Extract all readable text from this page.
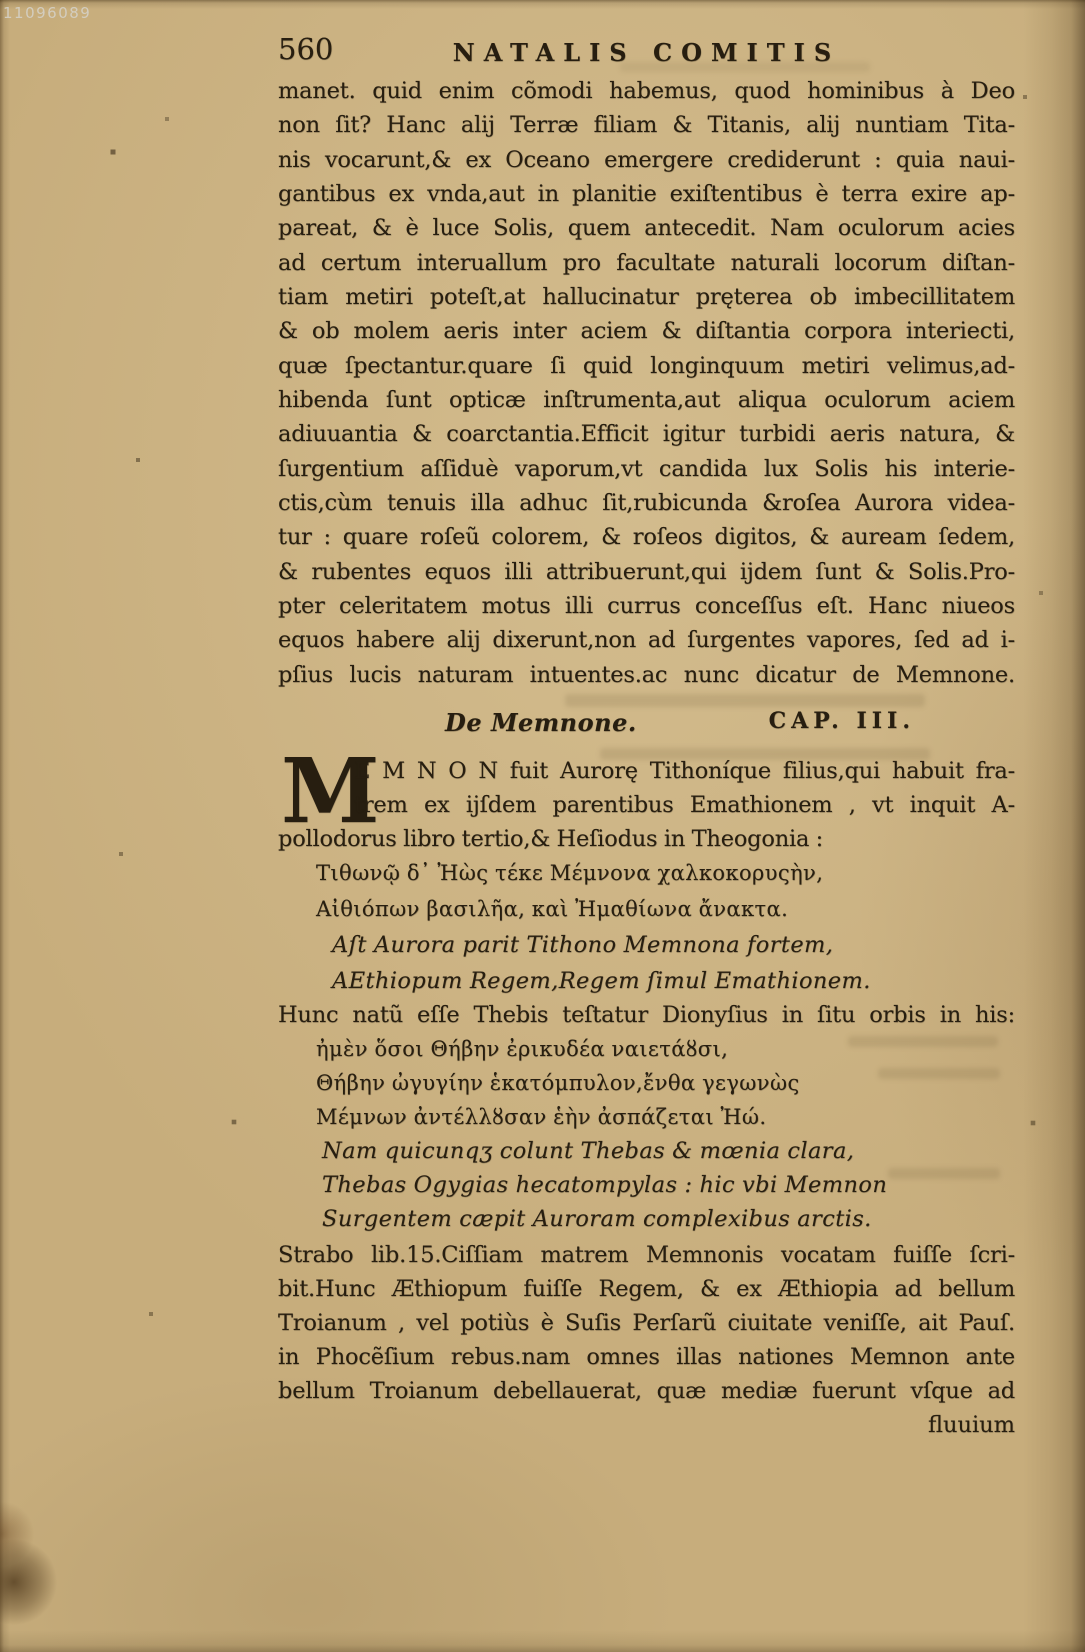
11096089
560	NATALIS COMITIS
manet. quid enim cõmodi habemus, quod hominibus à Deo
non ſit? Hanc alij Terræ filiam & Titanis, alij nuntiam Tita-
nis vocarunt,& ex Oceano emergere crediderunt : quia naui-
gantibus ex vnda,aut in planitie exiſtentibus è terra exire ap-
pareat, & è luce Solis, quem antecedit. Nam oculorum acies
ad certum interuallum pro facultate naturali locorum diſtan-
tiam metiri poteſt,at hallucinatur pręterea ob imbecillitatem
& ob molem aeris inter aciem & diſtantia corpora interiecti,
quæ ſpectantur.quare ſi quid longinquum metiri velimus,ad-
hibenda ſunt opticæ inſtrumenta,aut aliqua oculorum aciem
adiuuantia & coarctantia.Efficit igitur turbidi aeris natura, &
ſurgentium aſſiduè vaporum,vt candida lux Solis his interie-
ctis,cùm tenuis illa adhuc ſit,rubicunda &roſea Aurora videa-
tur : quare roſeũ colorem, & roſeos digitos, & auream ſedem,
& rubentes equos illi attribuerunt,qui ijdem ſunt & Solis.Pro-
pter celeritatem motus illi currus conceſſus eſt. Hanc niueos
equos habere alij dixerunt,non ad ſurgentes vapores, ſed ad i-
pſius lucis naturam intuentes.ac nunc dicatur de Memnone.
De Memnone.	CAP. III.
M
E M N O N fuit Aurorę Tithoníque filius,qui habuit fra-
trem ex ijſdem parentibus Emathionem , vt inquit A-
pollodorus libro tertio,& Heſiodus in Theogonia :
Τιθωνῷ δ᾽ Ἠὼς τέκε Μέμνονα χαλκοκορυςὴν,
Αἰθιόπων βασιλῆα, καὶ Ἠμαθίωνα ἄνακτα.
Aſt Aurora parit Tithono Memnona fortem,
AEthiopum Regem,Regem ſimul Emathionem.
Hunc natũ eſſe Thebis teſtatur Dionyſius in ſitu orbis in his:
ἠμὲν ὅσοι Θήβην ἐρικυδέα ναιετάȣσι,
Θήβην ὠγυγίην ἑκατόμπυλον,ἔνθα γεγωνὼς
Μέμνων ἀντέλλȣσαν ἑὴν ἀσπάζεται Ἠώ.
Nam quicunqʒ colunt Thebas & mœnia clara,
Thebas Ogygias hecatompylas : hic vbi Memnon
Surgentem cæpit Auroram complexibus arctis.
Strabo lib.15.Ciſſiam matrem Memnonis vocatam fuiſſe ſcri-
bit.Hunc Æthiopum fuiſſe Regem, & ex Æthiopia ad bellum
Troianum , vel potiùs è Suſis Perſarũ ciuitate veniſſe, ait Pauſ.
in Phocẽſium rebus.nam omnes illas nationes Memnon ante
bellum Troianum debellauerat, quæ mediæ fuerunt vſque ad
fluuium
